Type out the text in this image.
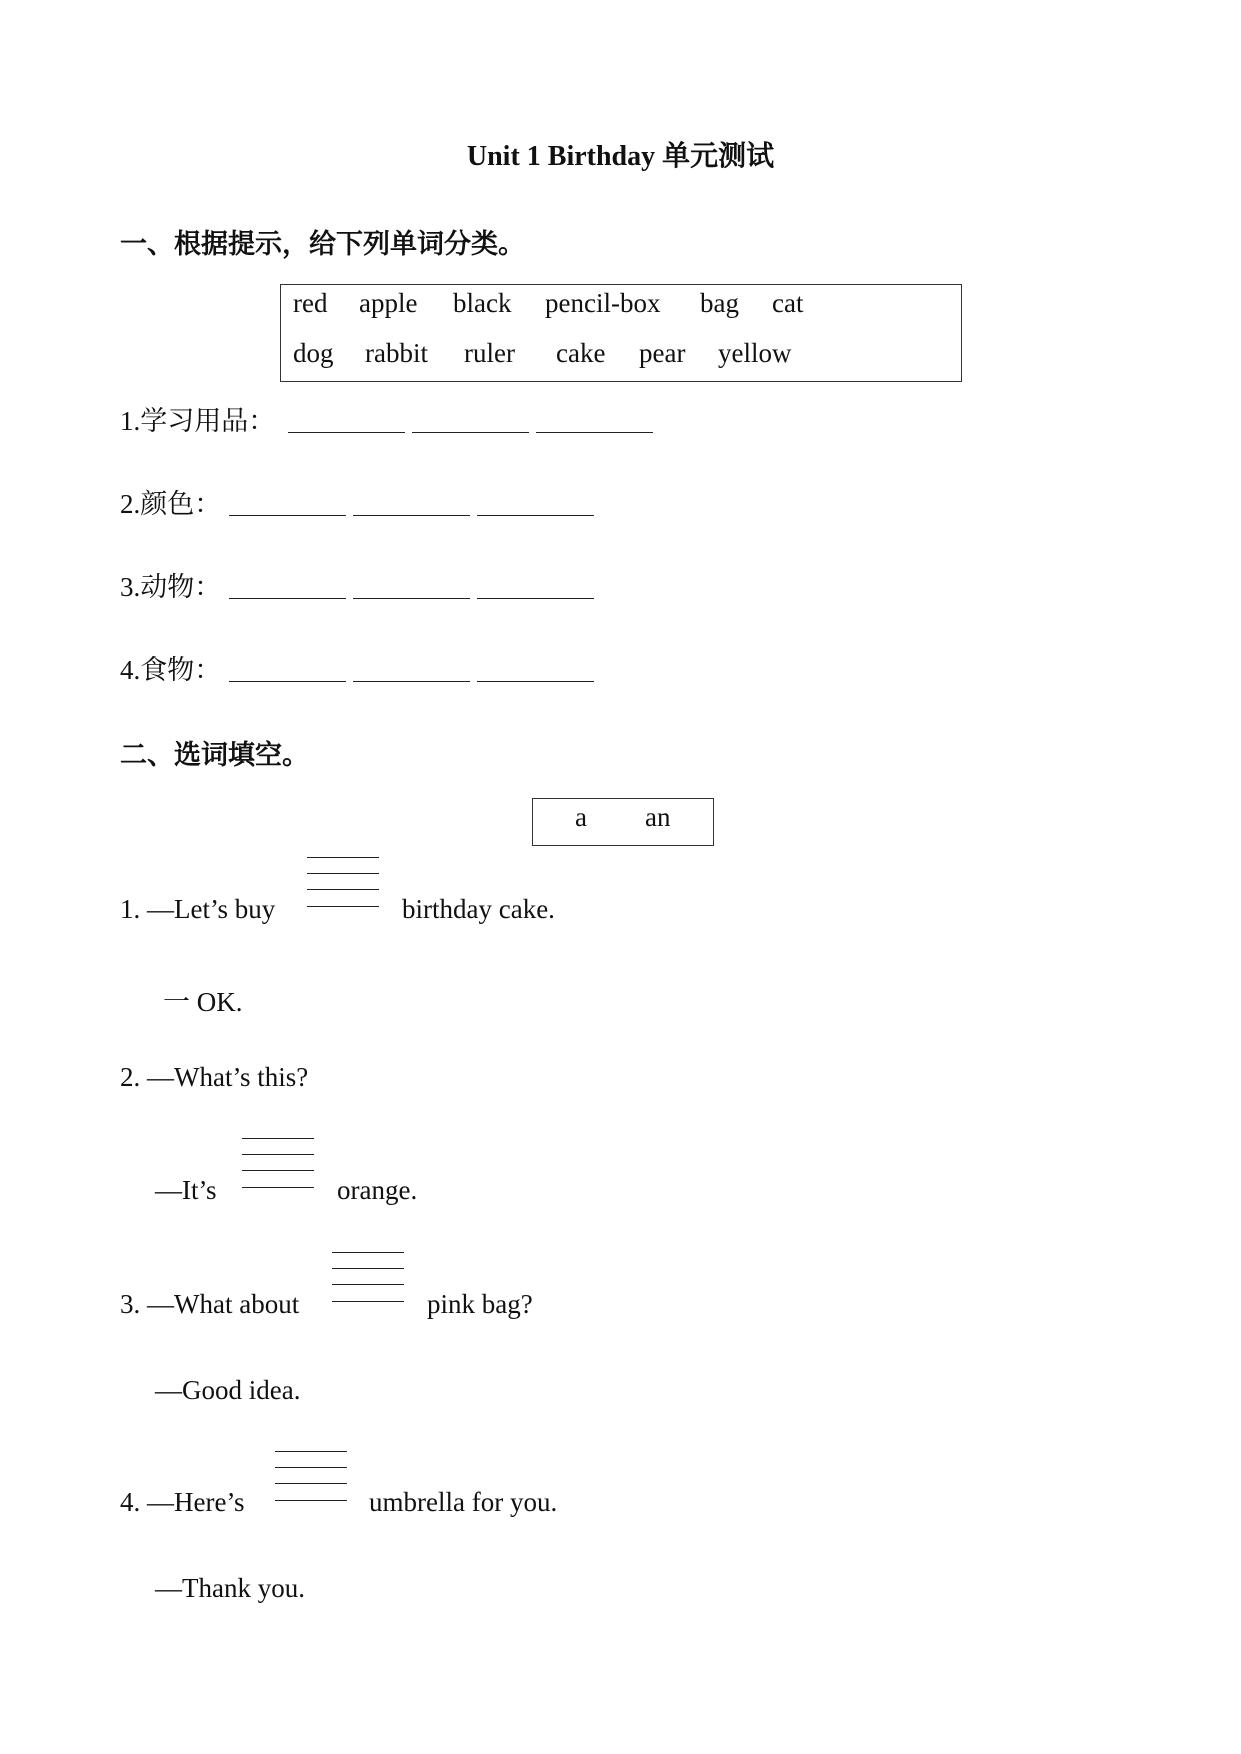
Unit 1 Birthday 单元测试
一、根据提示，给下列单词分类。
red apple black pencil-box bag cat
dog rabbit ruler cake pear yellow
1.学习用品：
2.颜色：
3.动物：
4.食物：
二、选词填空。
a an
1. —Let’s buy	birthday cake.
一 OK.
2. —What’s this?
—It’s	orange.
3. —What about	pink bag?
—Good idea.
4. —Here’s	umbrella for you.
—Thank you.
